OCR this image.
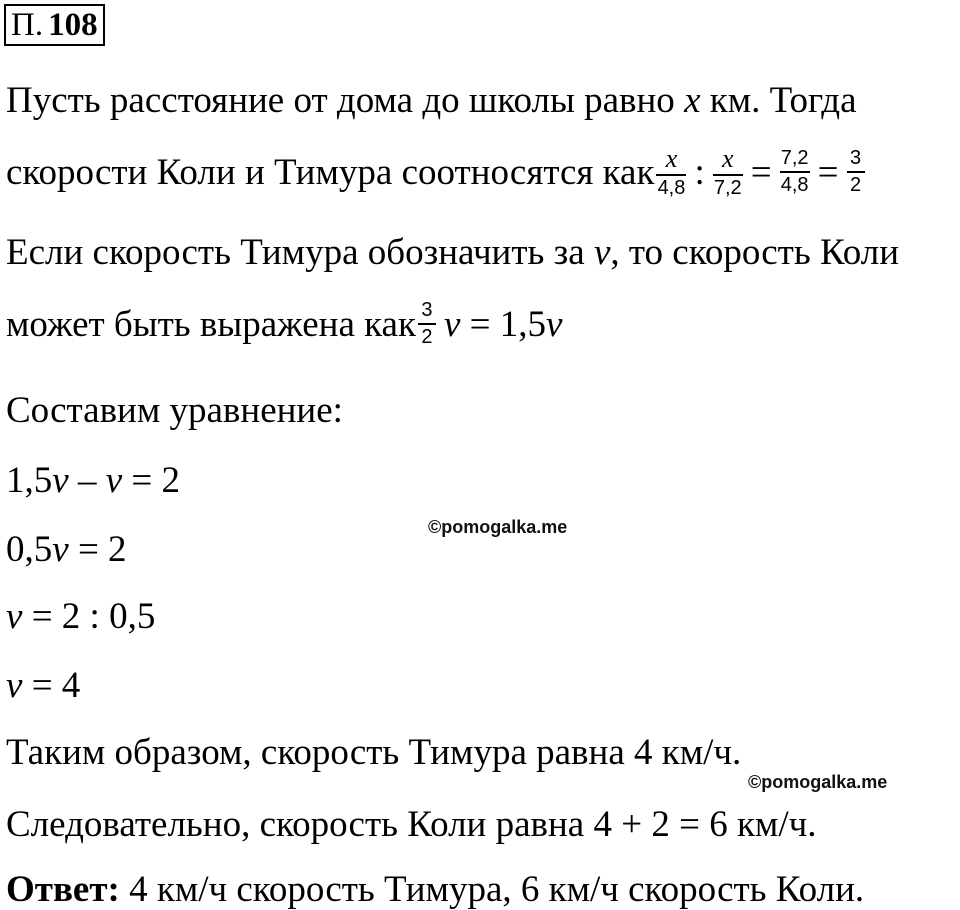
П. 108
Пусть расстояние от дома до школы равно x км. Тогда
скорости Коли и Тимура соотносятся как $\frac{x}{4,8}$ : $\frac{x}{7,2} = \frac{7,2}{4,8} = \frac{3}{2}$
Если скорость Тимура обозначить за v, то скорость Коли
может быть выражена как $\frac{3}{2}$ v = 1,5 v
Составим уравнение:
1,5v – v = 2
0,5v = 2
v = 2 : 0,5
v = 4
Таким образом, скорость Тимура равна 4 км/ч.
Следовательно, скорость Коли равна 4 + 2 = 6 км/ч.
Ответ: 4 км/ч скорость Тимура, 6 км/ч скорость Коли.
©pomogalka.me
©pomogalka.me
